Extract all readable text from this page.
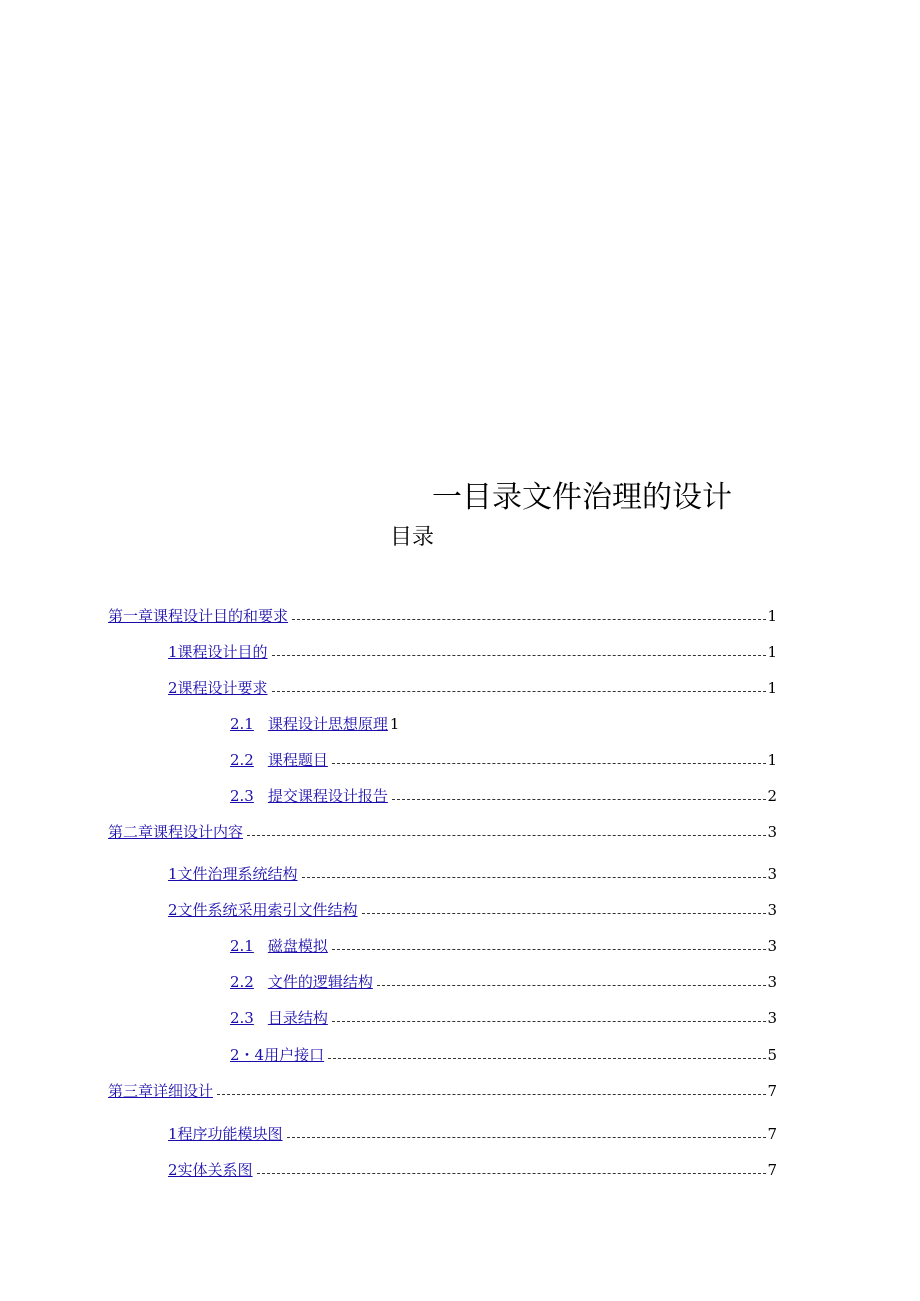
一目录文件治理的设计
目录
第一章课程设计目的和要求	1
1课程设计目的	1
2课程设计要求	1
2.1 课程设计思想原理 1
2.2 课程题目	1
2.3 提交课程设计报告	2
第二章课程设计内容	3
1文件治理系统结构	3
2文件系统采用索引文件结构	3
2.1 磁盘模拟	3
2.2 文件的逻辑结构	3
2.3 目录结构	3
2・4用户接口	5
第三章详细设计	7
1程序功能模块图	7
2实体关系图	7
